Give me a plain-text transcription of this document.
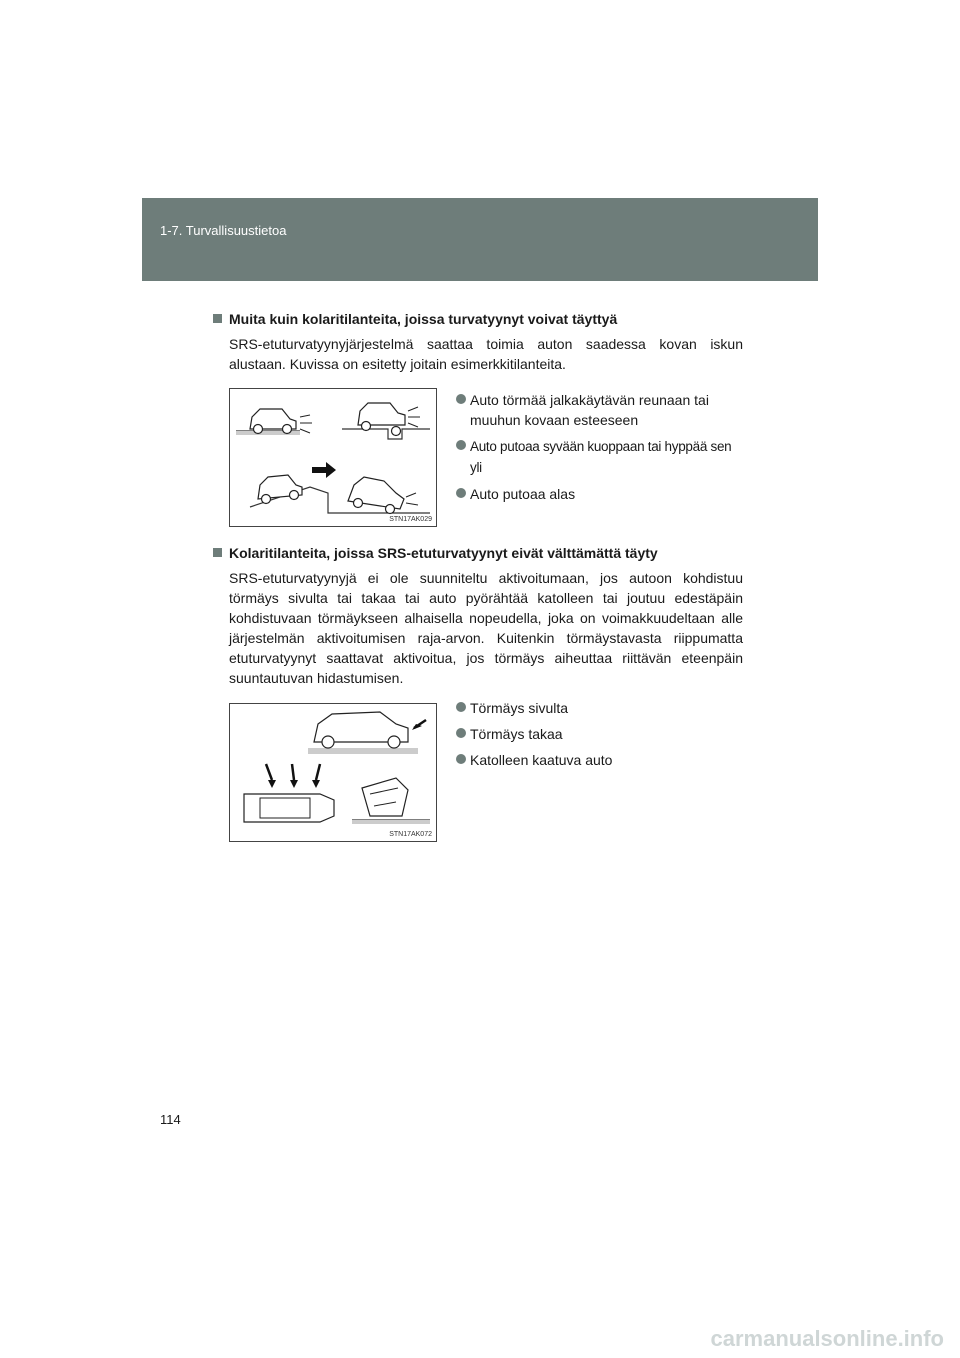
1-7. Turvallisuustietoa
Muita kuin kolaritilanteita, joissa turvatyynyt voivat täyttyä
SRS-etuturvatyynyjärjestelmä saattaa toimia auton saadessa kovan iskun alustaan. Kuvissa on esitetty joitain esimerkkitilanteita.
STN17AK029
Auto törmää jalkakäytävän reunaan tai muuhun kovaan esteeseen
Auto putoaa syvään kuoppaan tai hyppää sen yli
Auto putoaa alas
Kolaritilanteita, joissa SRS-etuturvatyynyt eivät välttämättä täyty
SRS-etuturvatyynyjä ei ole suunniteltu aktivoitumaan, jos autoon kohdistuu törmäys sivulta tai takaa tai auto pyörähtää katolleen tai joutuu edestäpäin kohdistuvaan törmäykseen alhaisella nopeudella, joka on voimakkuudeltaan alle järjestelmän aktivoitumisen raja-arvon. Kuitenkin törmäystavasta riippumatta etuturvatyynyt saattavat aktivoitua, jos törmäys aiheuttaa riittävän eteenpäin suuntautuvan hidastumisen.
STN17AK072
Törmäys sivulta
Törmäys takaa
Katolleen kaatuva auto
114
carmanualsonline.info
